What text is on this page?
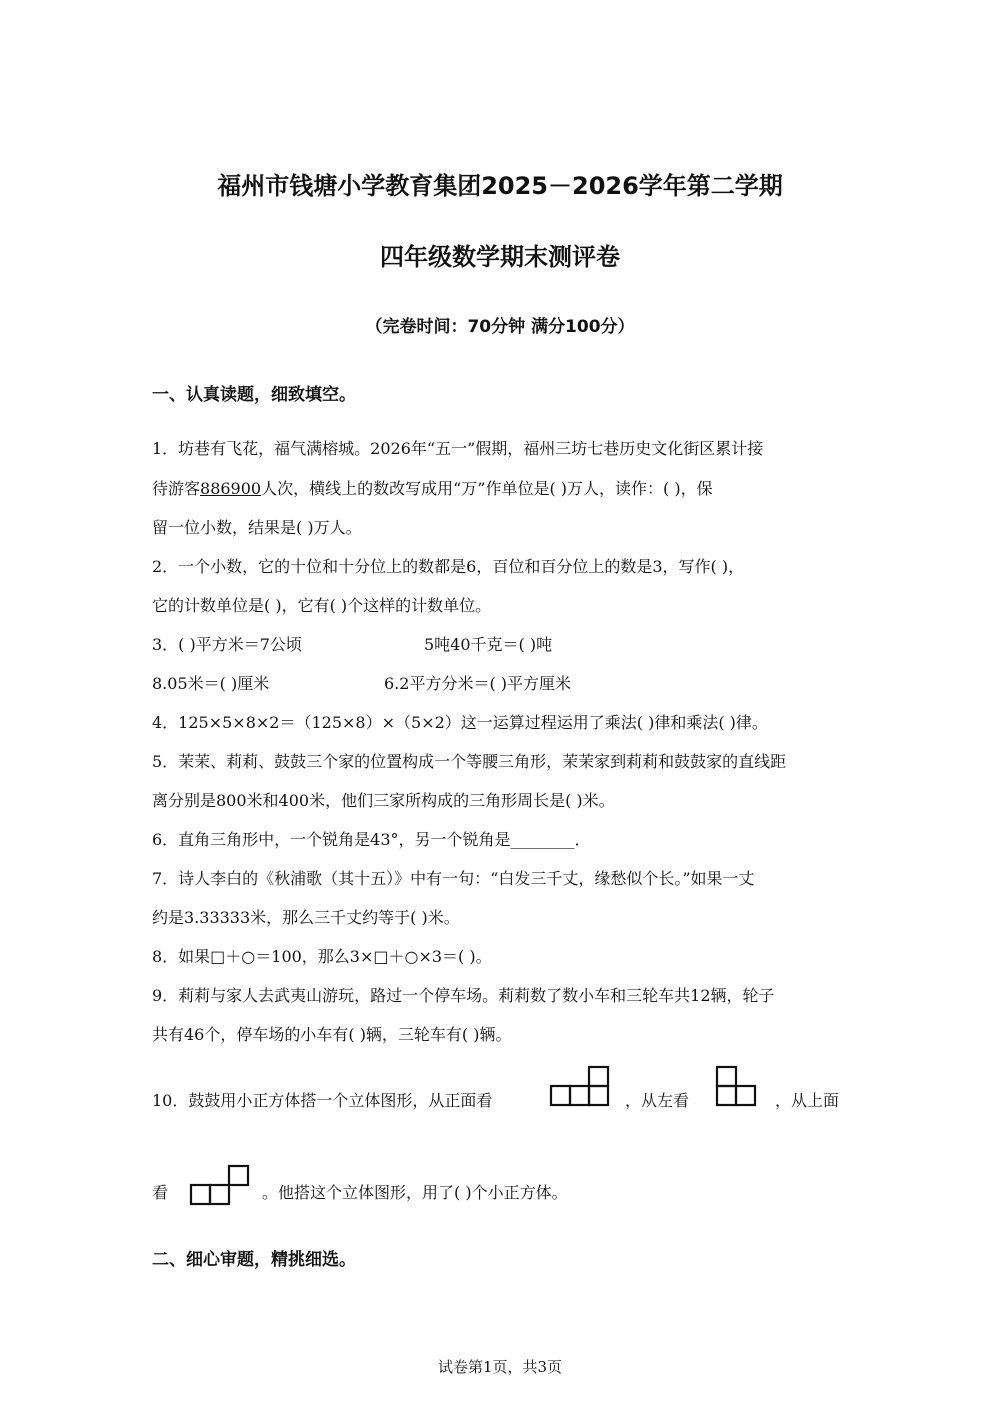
福州市钱塘小学教育集团2025－2026学年第二学期
四年级数学期末测评卷
（完卷时间：70分钟 满分100分）
一、认真读题，细致填空。
1．坊巷有飞花，福气满榕城。2026年“五一”假期，福州三坊七巷历史文化街区累计接
待游客886900人次，横线上的数改写成用“万”作单位是( )万人，读作：( )，保
留一位小数，结果是( )万人。
2．一个小数，它的十位和十分位上的数都是6，百位和百分位上的数是3，写作( )，
它的计数单位是( )，它有( )个这样的计数单位。
3．( )平方米＝7公顷	5吨40千克＝( )吨
8.05米＝( )厘米	6.2平方分米＝( )平方厘米
4．125×5×8×2＝（125×8）×（5×2）这一运算过程运用了乘法( )律和乘法( )律。
5．茉茉、莉莉、鼓鼓三个家的位置构成一个等腰三角形，茉茉家到莉莉和鼓鼓家的直线距
离分别是800米和400米，他们三家所构成的三角形周长是( )米。
6．直角三角形中，一个锐角是43°，另一个锐角是________．
7．诗人李白的《秋浦歌（其十五）》中有一句：“白发三千丈，缘愁似个长。”如果一丈
约是3.33333米，那么三千丈约等于( )米。
8．如果□＋○＝100，那么3×□＋○×3＝( )。
9．莉莉与家人去武夷山游玩，路过一个停车场。莉莉数了数小车和三轮车共12辆，轮子
共有46个，停车场的小车有( )辆，三轮车有( )辆。
10．鼓鼓用小正方体搭一个立体图形，从正面看	，从左看	，从上面
看	。他搭这个立体图形，用了( )个小正方体。
二、细心审题，精挑细选。
试卷第1页，共3页
